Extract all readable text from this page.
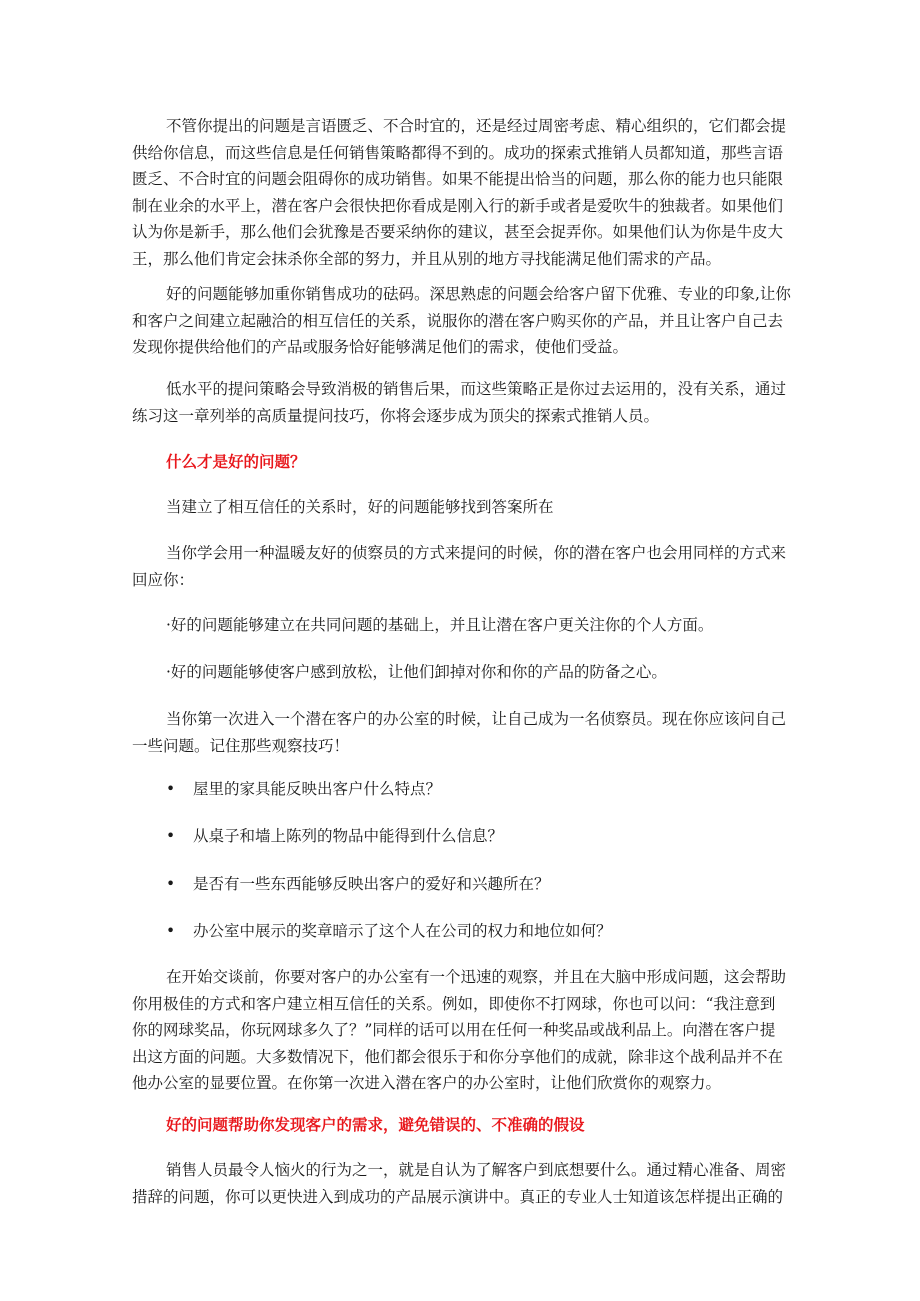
不管你提出的问题是言语匮乏、不合时宜的，还是经过周密考虑、精心组织的，它们都会提
供给你信息，而这些信息是任何销售策略都得不到的。成功的探索式推销人员都知道，那些言语
匮乏、不合时宜的问题会阻碍你的成功销售。如果不能提出恰当的问题，那么你的能力也只能限
制在业余的水平上，潜在客户会很快把你看成是刚入行的新手或者是爱吹牛的独裁者。如果他们
认为你是新手，那么他们会犹豫是否要采纳你的建议，甚至会捉弄你。如果他们认为你是牛皮大
王，那么他们肯定会抹杀你全部的努力，并且从别的地方寻找能满足他们需求的产品。
好的问题能够加重你销售成功的砝码。深思熟虑的问题会给客户留下优雅、专业的印象,让你
和客户之间建立起融洽的相互信任的关系，说服你的潜在客户购买你的产品，并且让客户自己去
发现你提供给他们的产品或服务恰好能够满足他们的需求，使他们受益。
低水平的提问策略会导致消极的销售后果，而这些策略正是你过去运用的，没有关系，通过
练习这一章列举的高质量提问技巧，你将会逐步成为顶尖的探索式推销人员。

什么才是好的问题？

当建立了相互信任的关系时，好的问题能够找到答案所在

当你学会用一种温暖友好的侦察员的方式来提问的时候，你的潜在客户也会用同样的方式来
回应你：

·好的问题能够建立在共同问题的基础上，并且让潜在客户更关注你的个人方面。

·好的问题能够使客户感到放松，让他们卸掉对你和你的产品的防备之心。

当你第一次进入一个潜在客户的办公室的时候，让自己成为一名侦察员。现在你应该问自己
一些问题。记住那些观察技巧！

• 屋里的家具能反映出客户什么特点？

• 从桌子和墙上陈列的物品中能得到什么信息？

• 是否有一些东西能够反映出客户的爱好和兴趣所在？

• 办公室中展示的奖章暗示了这个人在公司的权力和地位如何？

在开始交谈前，你要对客户的办公室有一个迅速的观察，并且在大脑中形成问题，这会帮助
你用极佳的方式和客户建立相互信任的关系。例如，即使你不打网球，你也可以问：“我注意到
你的网球奖品，你玩网球多久了？”同样的话可以用在任何一种奖品或战利品上。向潜在客户提
出这方面的问题。大多数情况下，他们都会很乐于和你分享他们的成就，除非这个战利品并不在
他办公室的显要位置。在你第一次进入潜在客户的办公室时，让他们欣赏你的观察力。

好的问题帮助你发现客户的需求，避免错误的、不准确的假设

销售人员最令人恼火的行为之一，就是自认为了解客户到底想要什么。通过精心准备、周密
措辞的问题，你可以更快进入到成功的产品展示演讲中。真正的专业人士知道该怎样提出正确的
